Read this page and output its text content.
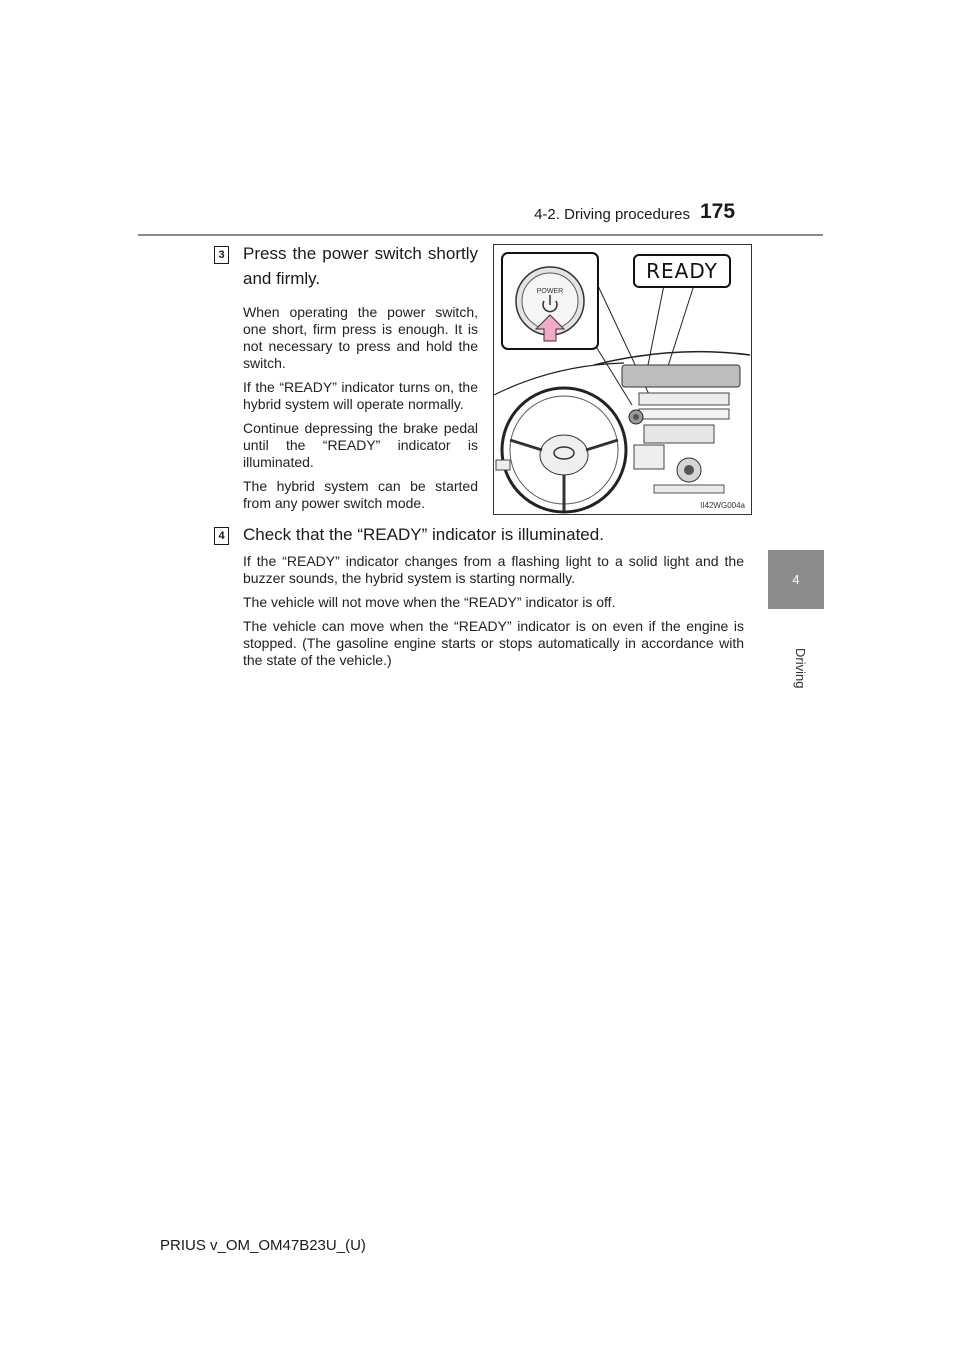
4-2. Driving procedures 175
4
Driving
3 Press the power switch shortly and firmly.

When operating the power switch, one short, firm press is enough. It is not necessary to press and hold the switch.

If the “READY” indicator turns on, the hybrid system will operate normally.

Continue depressing the brake pedal until the “READY” indicator is illuminated.

The hybrid system can be started from any power switch mode.

POWER
READY
II42WG004a
4 Check that the “READY” indicator is illuminated.

If the “READY” indicator changes from a flashing light to a solid light and the buzzer sounds, the hybrid system is starting normally.

The vehicle will not move when the “READY” indicator is off.

The vehicle can move when the “READY” indicator is on even if the engine is stopped. (The gasoline engine starts or stops automatically in accordance with the state of the vehicle.)

PRIUS v_OM_OM47B23U_(U)
